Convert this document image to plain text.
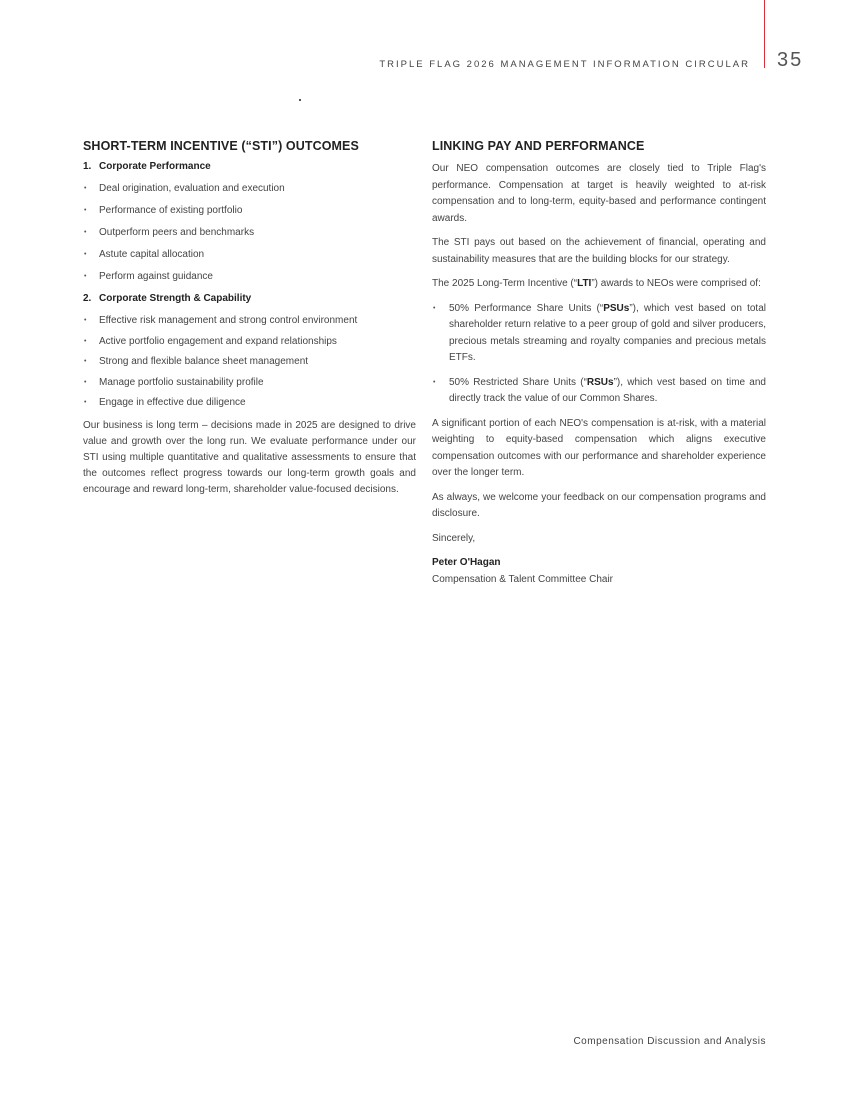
TRIPLE FLAG 2026 MANAGEMENT INFORMATION CIRCULAR 35
SHORT-TERM INCENTIVE (“STI”) OUTCOMES
1. Corporate Performance
• Deal origination, evaluation and execution
• Performance of existing portfolio
• Outperform peers and benchmarks
• Astute capital allocation
• Perform against guidance
2. Corporate Strength & Capability
• Effective risk management and strong control environment
• Active portfolio engagement and expand relationships
• Strong and flexible balance sheet management
• Manage portfolio sustainability profile
• Engage in effective due diligence

Our business is long term – decisions made in 2025 are designed to drive value and growth over the long run. We evaluate performance under our STI using multiple quantitative and qualitative assessments to ensure that the outcomes reflect progress towards our long-term growth goals and encourage and reward long-term, shareholder value-focused decisions.

LINKING PAY AND PERFORMANCE

Our NEO compensation outcomes are closely tied to Triple Flag's performance. Compensation at target is heavily weighted to at-risk compensation and to long-term, equity-based and performance contingent awards.

The STI pays out based on the achievement of financial, operating and sustainability measures that are the building blocks for our strategy.

The 2025 Long-Term Incentive (“LTI”) awards to NEOs were comprised of:

• 50% Performance Share Units (“PSUs”), which vest based on total shareholder return relative to a peer group of gold and silver producers, precious metals streaming and royalty companies and precious metals ETFs.
• 50% Restricted Share Units (“RSUs”), which vest based on time and directly track the value of our Common Shares.

A significant portion of each NEO's compensation is at-risk, with a material weighting to equity-based compensation which aligns executive compensation outcomes with our performance and shareholder experience over the longer term.

As always, we welcome your feedback on our compensation programs and disclosure.

Sincerely,

Peter O'Hagan
Compensation & Talent Committee Chair
Compensation Discussion and Analysis
